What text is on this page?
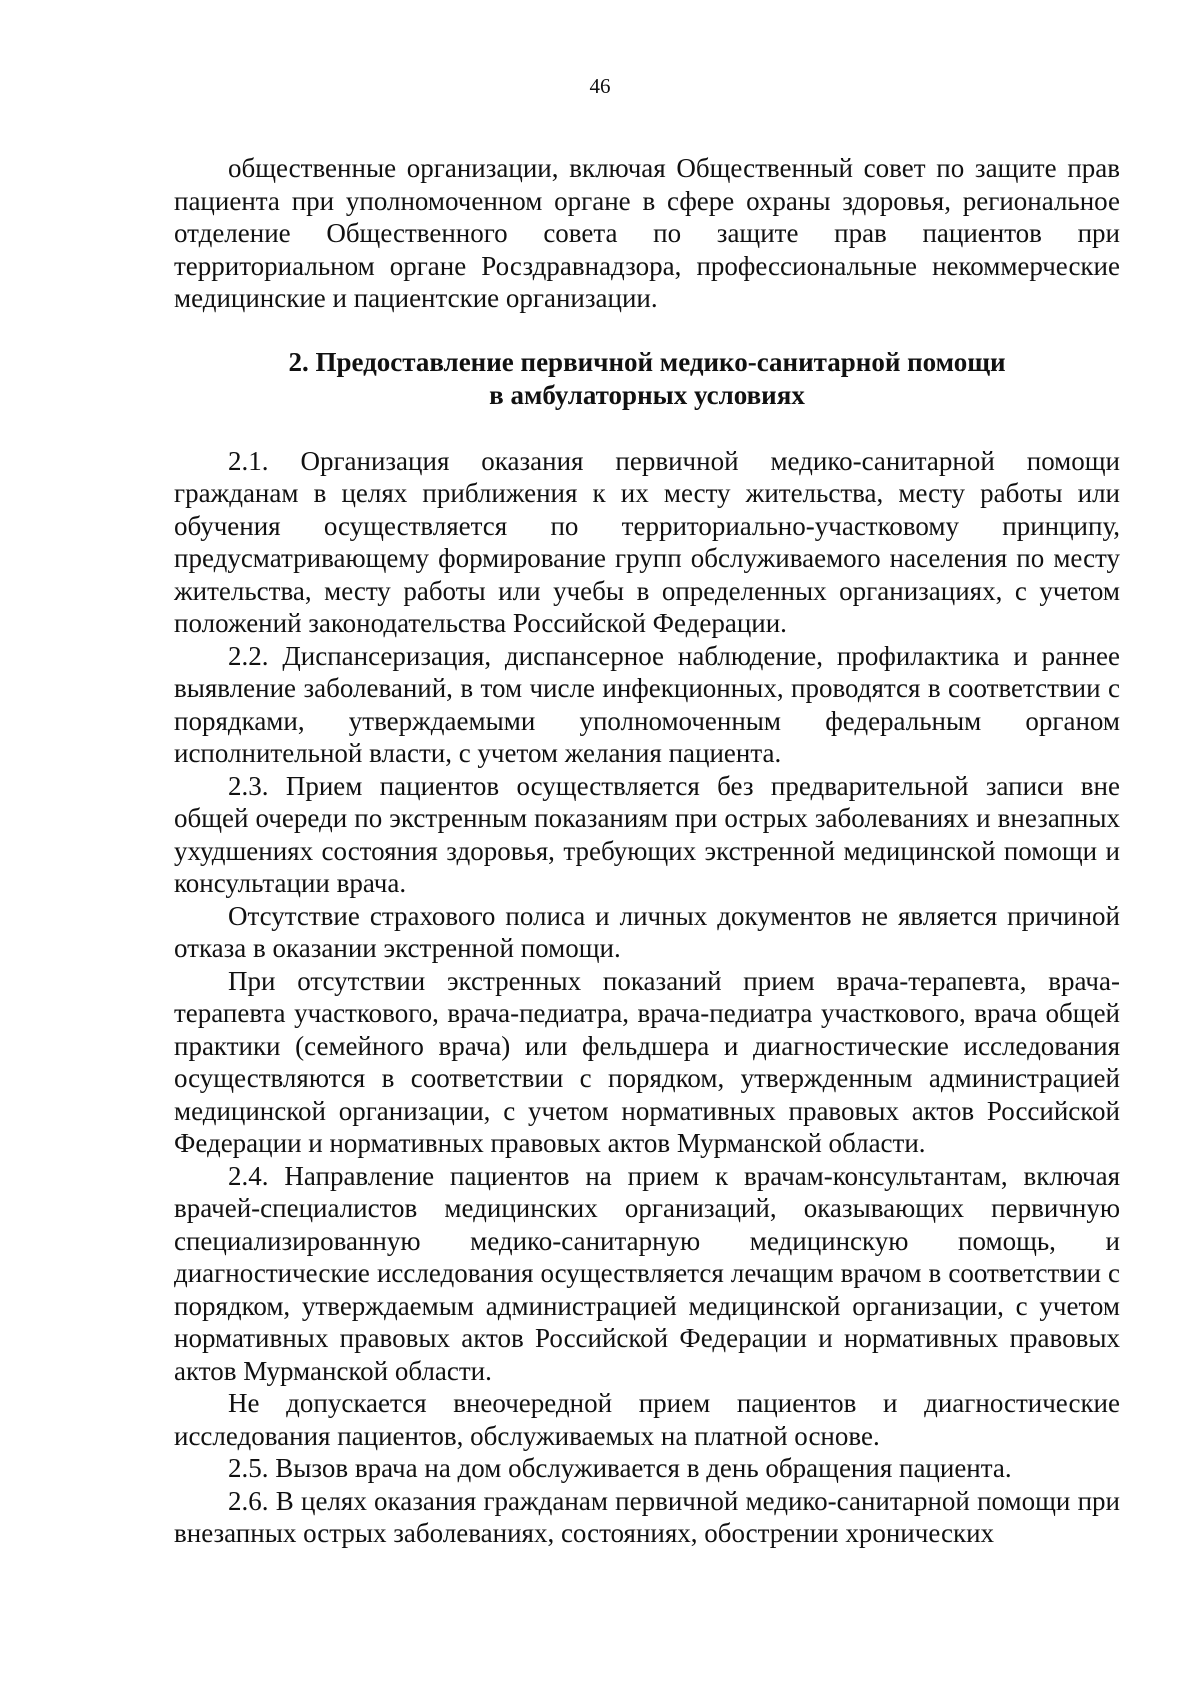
46

общественные организации, включая Общественный совет по защите прав пациента при уполномоченном органе в сфере охраны здоровья, региональное отделение Общественного совета по защите прав пациентов при территориальном органе Росздравнадзора, профессиональные некоммерческие медицинские и пациентские организации.

2. Предоставление первичной медико-санитарной помощи
в амбулаторных условиях

2.1. Организация оказания первичной медико-санитарной помощи гражданам в целях приближения к их месту жительства, месту работы или обучения осуществляется по территориально-участковому принципу, предусматривающему формирование групп обслуживаемого населения по месту жительства, месту работы или учебы в определенных организациях, с учетом положений законодательства Российской Федерации.

2.2. Диспансеризация, диспансерное наблюдение, профилактика и раннее выявление заболеваний, в том числе инфекционных, проводятся в соответствии с порядками, утверждаемыми уполномоченным федеральным органом исполнительной власти, с учетом желания пациента.

2.3. Прием пациентов осуществляется без предварительной записи вне общей очереди по экстренным показаниям при острых заболеваниях и внезапных ухудшениях состояния здоровья, требующих экстренной медицинской помощи и консультации врача.

Отсутствие страхового полиса и личных документов не является причиной отказа в оказании экстренной помощи.

При отсутствии экстренных показаний прием врача-терапевта, врача-терапевта участкового, врача-педиатра, врача-педиатра участкового, врача общей практики (семейного врача) или фельдшера и диагностические исследования осуществляются в соответствии с порядком, утвержденным администрацией медицинской организации, с учетом нормативных правовых актов Российской Федерации и нормативных правовых актов Мурманской области.

2.4. Направление пациентов на прием к врачам-консультантам, включая врачей-специалистов медицинских организаций, оказывающих первичную специализированную медико-санитарную медицинскую помощь, и диагностические исследования осуществляется лечащим врачом в соответствии с порядком, утверждаемым администрацией медицинской организации, с учетом нормативных правовых актов Российской Федерации и нормативных правовых актов Мурманской области.

Не допускается внеочередной прием пациентов и диагностические исследования пациентов, обслуживаемых на платной основе.

2.5. Вызов врача на дом обслуживается в день обращения пациента.

2.6. В целях оказания гражданам первичной медико-санитарной помощи при внезапных острых заболеваниях, состояниях, обострении хронических
